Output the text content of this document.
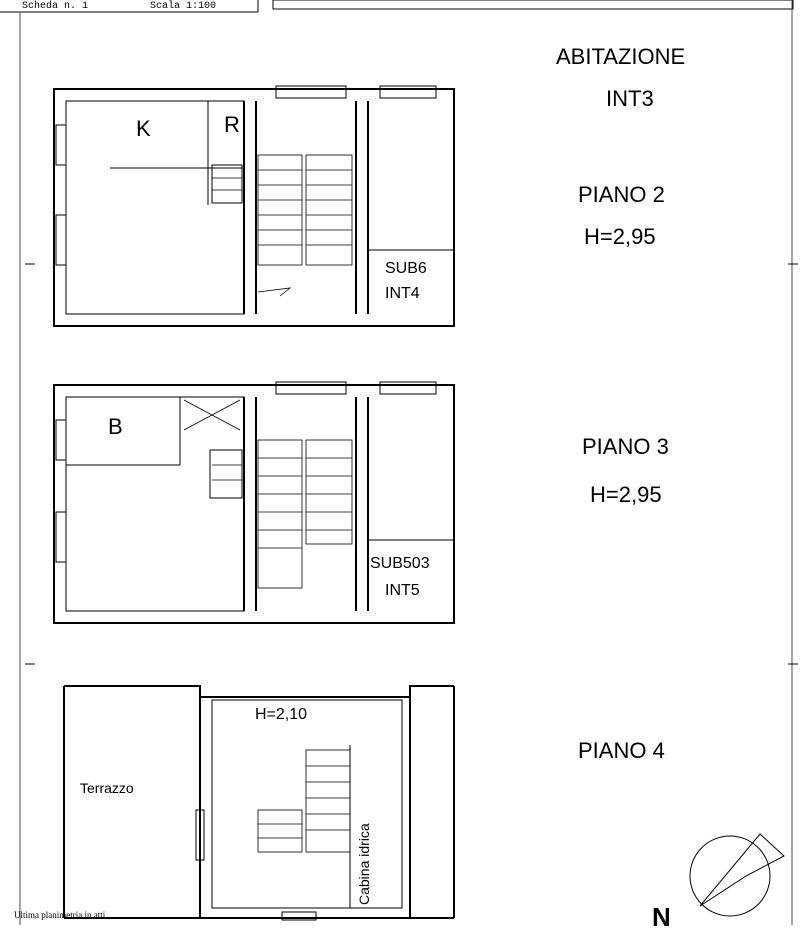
Scheda n. 1	Scala 1:100
ABITAZIONE
INT3
PIANO 2
H=2,95
K	R
SUB6
INT4
PIANO 3
H=2,95
B
SUB503
INT5
PIANO 4
H=2,10
Terrazzo
Cabina idrica
Ultima planimetria in atti	N
